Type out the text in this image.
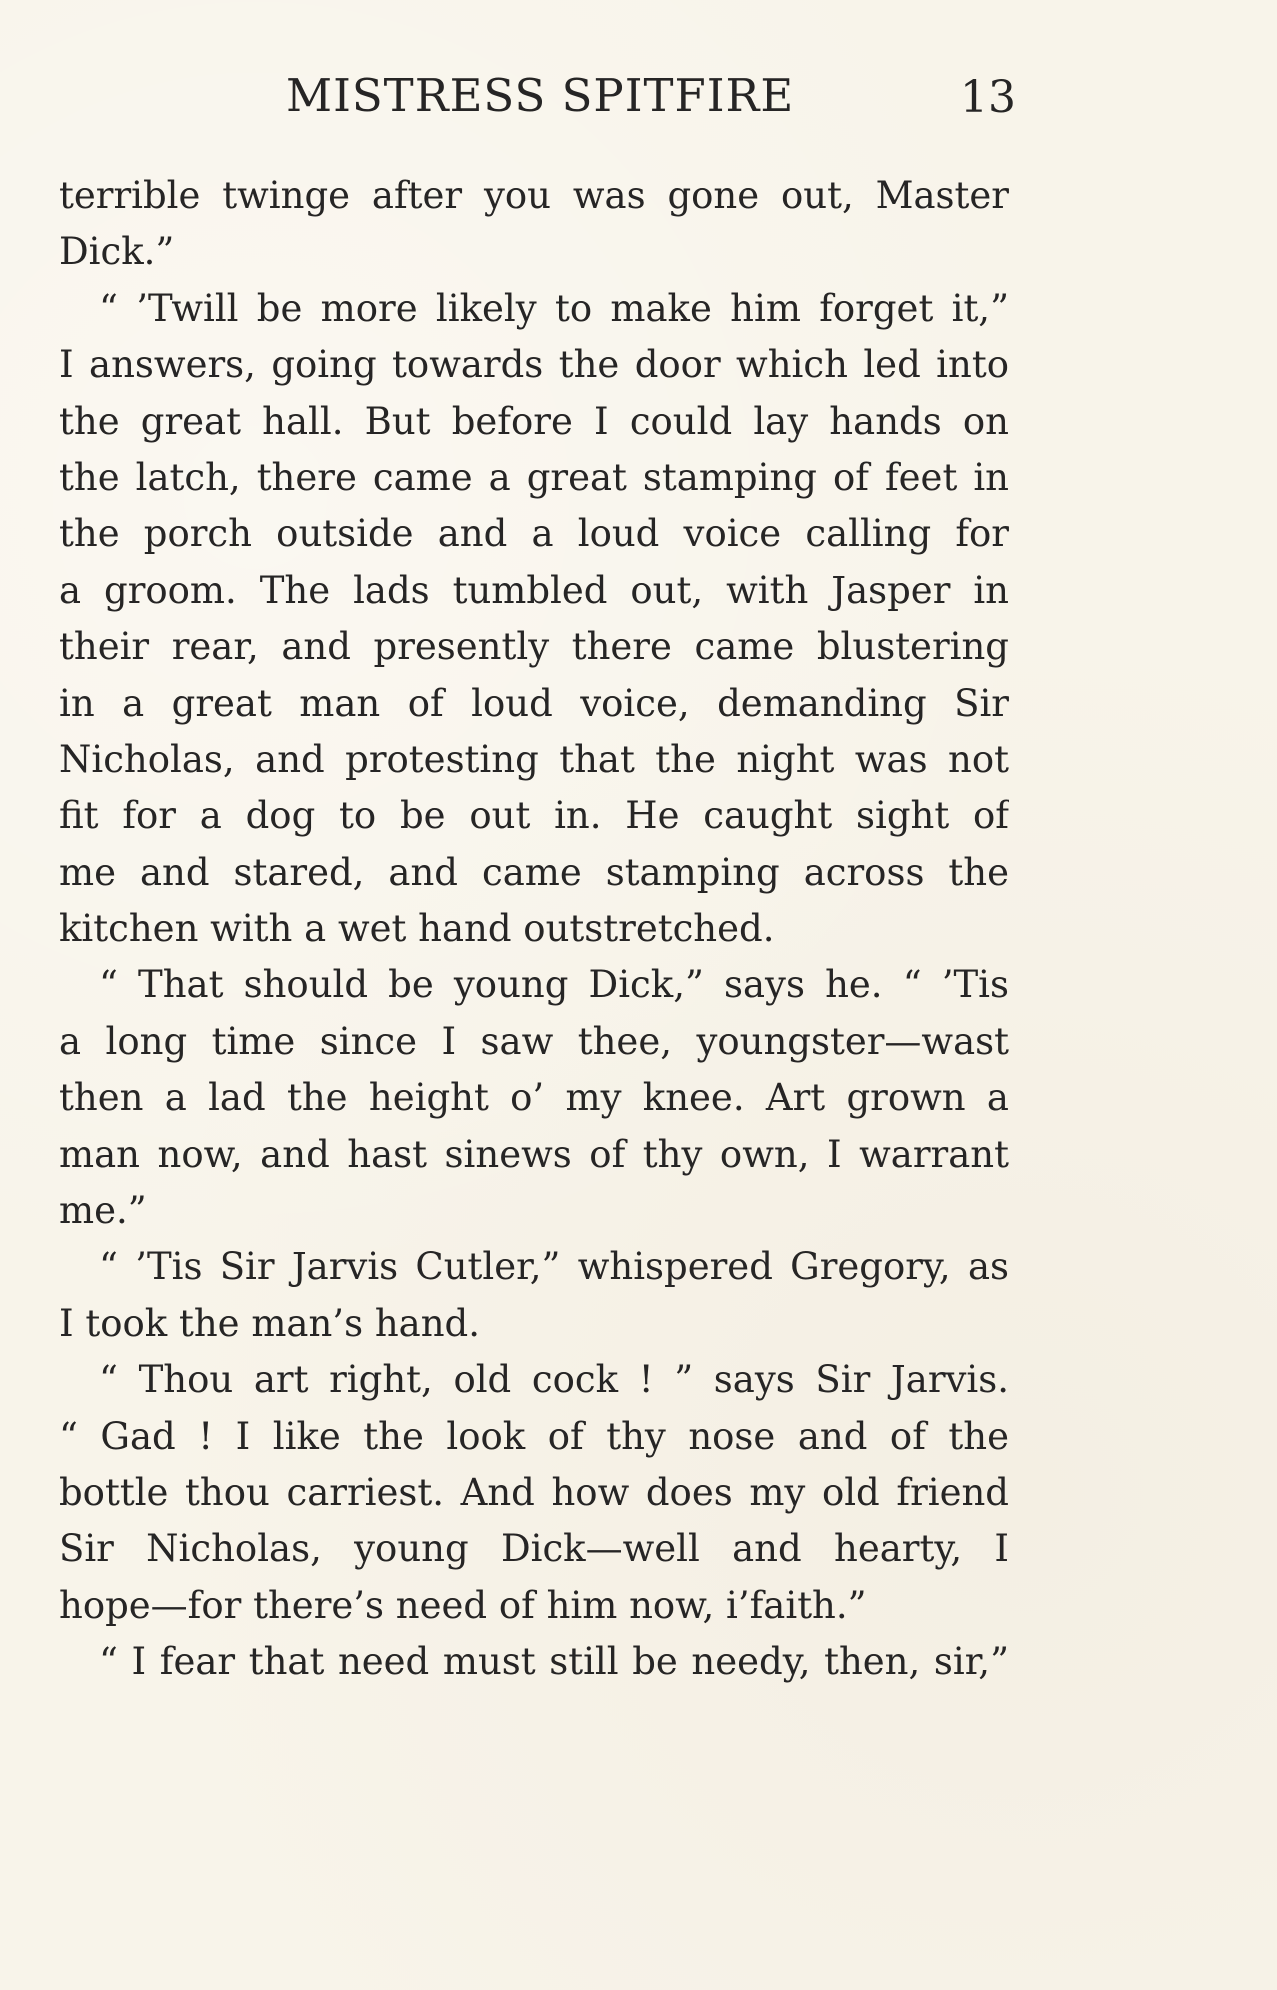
MISTRESS SPITFIRE	13
terrible twinge after you was gone out, Master
Dick.”
“ ’Twill be more likely to make him forget it,”
I answers, going towards the door which led into
the great hall. But before I could lay hands on
the latch, there came a great stamping of feet in
the porch outside and a loud voice calling for
a groom. The lads tumbled out, with Jasper in
their rear, and presently there came blustering
in a great man of loud voice, demanding Sir
Nicholas, and protesting that the night was not
fit for a dog to be out in. He caught sight of
me and stared, and came stamping across the
kitchen with a wet hand outstretched.
“ That should be young Dick,” says he. “ ’Tis
a long time since I saw thee, youngster—wast
then a lad the height o’ my knee. Art grown a
man now, and hast sinews of thy own, I warrant
me.”
“ ’Tis Sir Jarvis Cutler,” whispered Gregory, as
I took the man’s hand.
“ Thou art right, old cock ! ” says Sir Jarvis.
“ Gad ! I like the look of thy nose and of the
bottle thou carriest. And how does my old friend
Sir Nicholas, young Dick—well and hearty, I
hope—for there’s need of him now, i’faith.”
“ I fear that need must still be needy, then, sir,”
